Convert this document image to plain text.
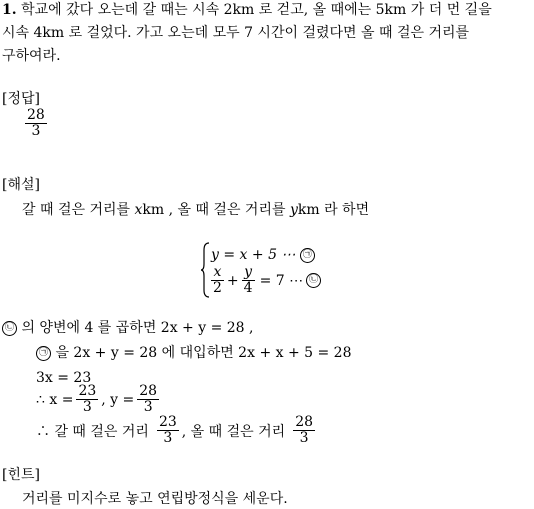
1. 학교에 갔다 오는데 갈 때는 시속 2km 로 걷고, 올 때에는 5km 가 더 먼 길을
시속 4km 로 걸었다. 가고 오는데 모두 7 시간이 걸렸다면 올 때 걸은 거리를
구하여라.
[정답]
$\frac{28}{3}$
[해설]
갈 때 걸은 거리를 xkm , 올 때 걸은 거리를 ykm 라 하면
y = x + 5 ⋯ ㉠
$\frac{x}{2} + \frac{y}{4} = 7$ ⋯ ㉡
㉡ 의 양변에 4 를 곱하면 2x + y = 28 ,
㉠ 을 2x + y = 28 에 대입하면 2x + x + 5 = 28
3x = 23
∴ $x = \frac{23}{3}$ , $y = \frac{28}{3}$
∴ 갈 때 걸은 거리 $\frac{23}{3}$ , 올 때 걸은 거리 $\frac{28}{3}$
[힌트]
거리를 미지수로 놓고 연립방정식을 세운다.
